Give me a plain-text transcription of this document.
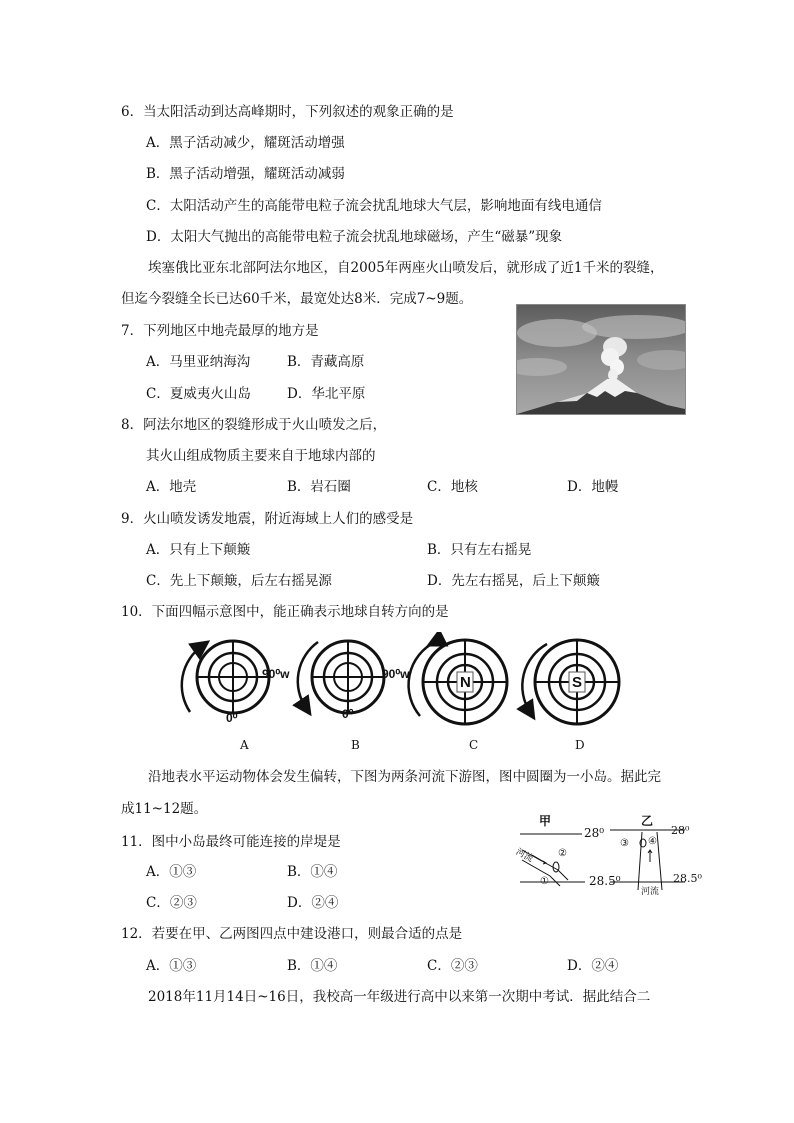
6．当太阳活动到达高峰期时，下列叙述的观象正确的是
A．黑子活动减少，耀斑活动增强
B．黑子活动增强，耀斑活动减弱
C．太阳活动产生的高能带电粒子流会扰乱地球大气层，影响地面有线电通信
D．太阳大气抛出的高能带电粒子流会扰乱地球磁场，产生“磁暴”现象
埃塞俄比亚东北部阿法尔地区，自2005年两座火山喷发后，就形成了近1千米的裂缝，
但迄今裂缝全长已达60千米，最宽处达8米．完成7~9题。
7．下列地区中地壳最厚的地方是
A．马里亚纳海沟	B．青藏高原
C．夏威夷火山岛	D．华北平原
8．阿法尔地区的裂缝形成于火山喷发之后，
其火山组成物质主要来自于地球内部的
A．地壳	B．岩石圈	C．地核	D．地幔
9．火山喷发诱发地震，附近海域上人们的感受是
A．只有上下颠簸	B．只有左右摇晃
C．先上下颠簸，后左右摇晃源	D．先左右摇晃，后上下颠簸
10．下面四幅示意图中，能正确表示地球自转方向的是
90⁰w
0⁰
90⁰w
0⁰
N	S
A	B	C	D
沿地表水平运动物体会发生偏转，下图为两条河流下游图，图中圆圈为一小岛。据此完
成11~12题。
甲	乙
28⁰	28⁰
28.5⁰	28.5⁰
河流
河流
②
①
③ ④
11．图中小岛最终可能连接的岸堤是
A．①③	B．①④
C．②③	D．②④
12．若要在甲、乙两图四点中建设港口，则最合适的点是
A．①③	B．①④	C．②③	D．②④
2018年11月14日~16日，我校高一年级进行高中以来第一次期中考试．据此结合二
